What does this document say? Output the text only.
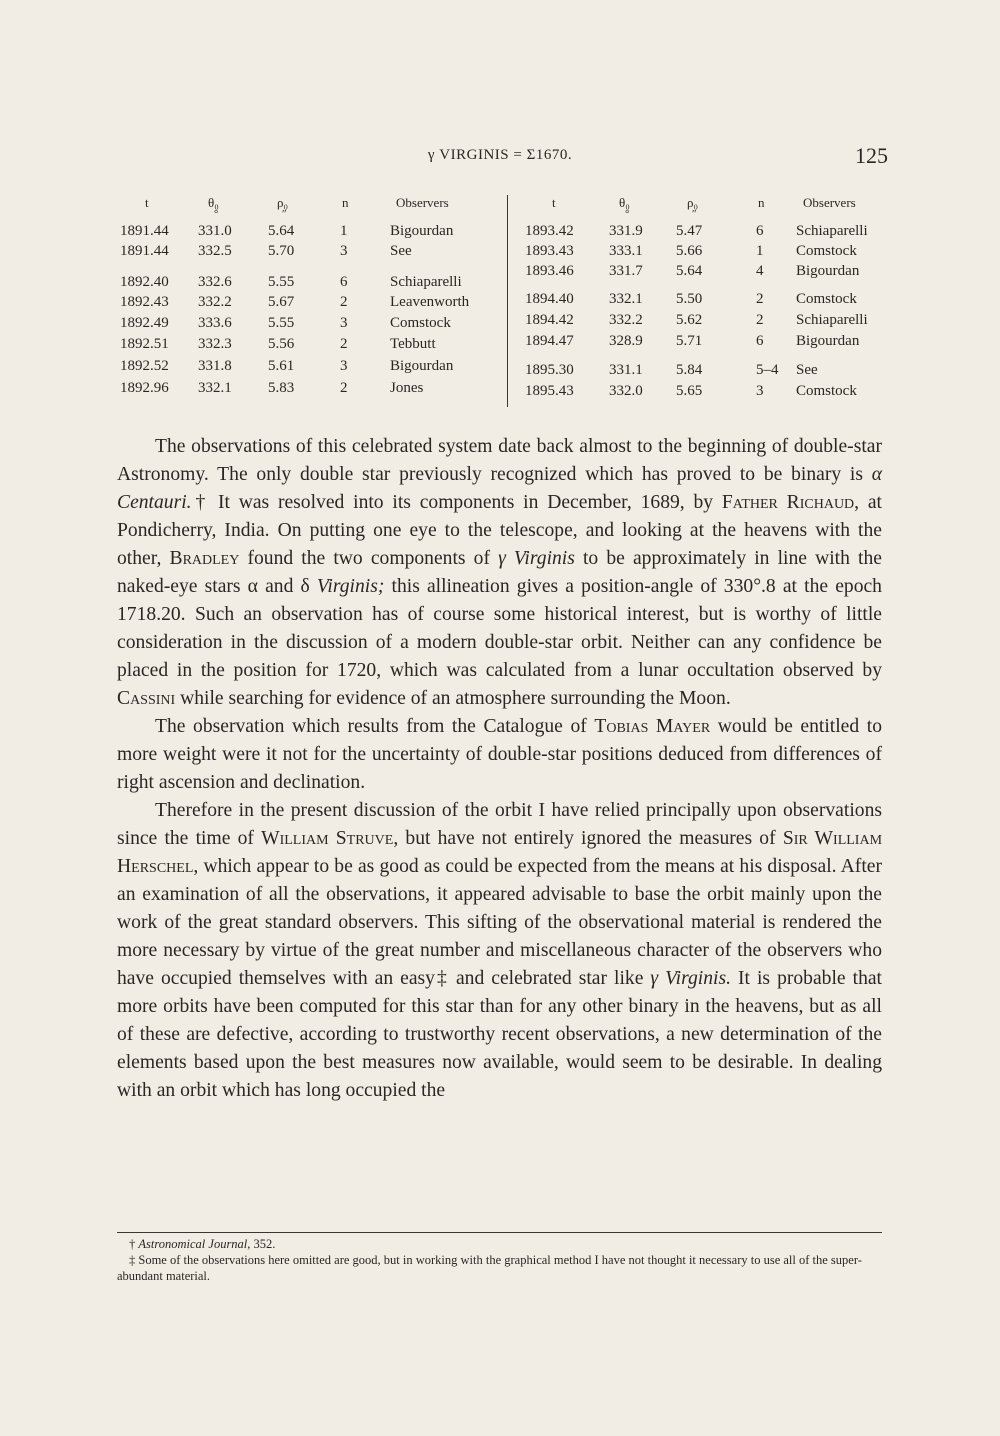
γ VIRGINIS = Σ1670.	125
t	θ₀
°
ρ₀
″
n	Observers
1891.44 331.0 5.64	1	Bigourdan
1891.44 332.5 5.70	3	See
1892.40 332.6 5.55	6	Schiaparelli
1892.43 332.2 5.67	2	Leavenworth
1892.49 333.6 5.55	3	Comstock
1892.51 332.3 5.56	2	Tebbutt
1892.52 331.8 5.61	3	Bigourdan
1892.96 332.1 5.83	2	Jones
t	θ₀
°
ρ₀
″
n	Observers
1893.42 331.9 5.47	6 Schiaparelli
1893.43 333.1 5.66	1 Comstock
1893.46 331.7 5.64	4 Bigourdan
1894.40 332.1 5.50	2 Comstock
1894.42 332.2 5.62	2 Schiaparelli
1894.47 328.9 5.71	6 Bigourdan
1895.30 331.1 5.84	5–4 See
1895.43 332.0 5.65	3 Comstock

The observations of this celebrated system date back almost to the beginning of double-star Astronomy. The only double star previously recognized which has proved to be binary is α Centauri.† It was resolved into its components in December, 1689, by Father Richaud, at Pondicherry, India. On putting one eye to the telescope, and looking at the heavens with the other, Bradley found the two components of γ Virginis to be approximately in line with the naked-eye stars α and δ Virginis; this allineation gives a position-angle of 330°.8 at the epoch 1718.20. Such an observation has of course some historical interest, but is worthy of little consideration in the discussion of a modern double-star orbit. Neither can any confidence be placed in the position for 1720, which was calculated from a lunar occultation observed by Cassini while searching for evidence of an atmosphere surrounding the Moon.

The observation which results from the Catalogue of Tobias Mayer would be entitled to more weight were it not for the uncertainty of double-star positions deduced from differences of right ascension and declination.

Therefore in the present discussion of the orbit I have relied principally upon observations since the time of William Struve, but have not entirely ignored the measures of Sir William Herschel, which appear to be as good as could be expected from the means at his disposal. After an examination of all the observations, it appeared advisable to base the orbit mainly upon the work of the great standard observers. This sifting of the observational material is rendered the more necessary by virtue of the great number and miscellaneous character of the observers who have occupied themselves with an easy‡ and celebrated star like γ Virginis. It is probable that more orbits have been computed for this star than for any other binary in the heavens, but as all of these are defective, according to trustworthy recent observations, a new determination of the elements based upon the best measures now available, would seem to be desirable. In dealing with an orbit which has long occupied the

† Astronomical Journal, 352.
‡ Some of the observations here omitted are good, but in working with the graphical method I have not thought it necessary to use all of the super-abundant material.
